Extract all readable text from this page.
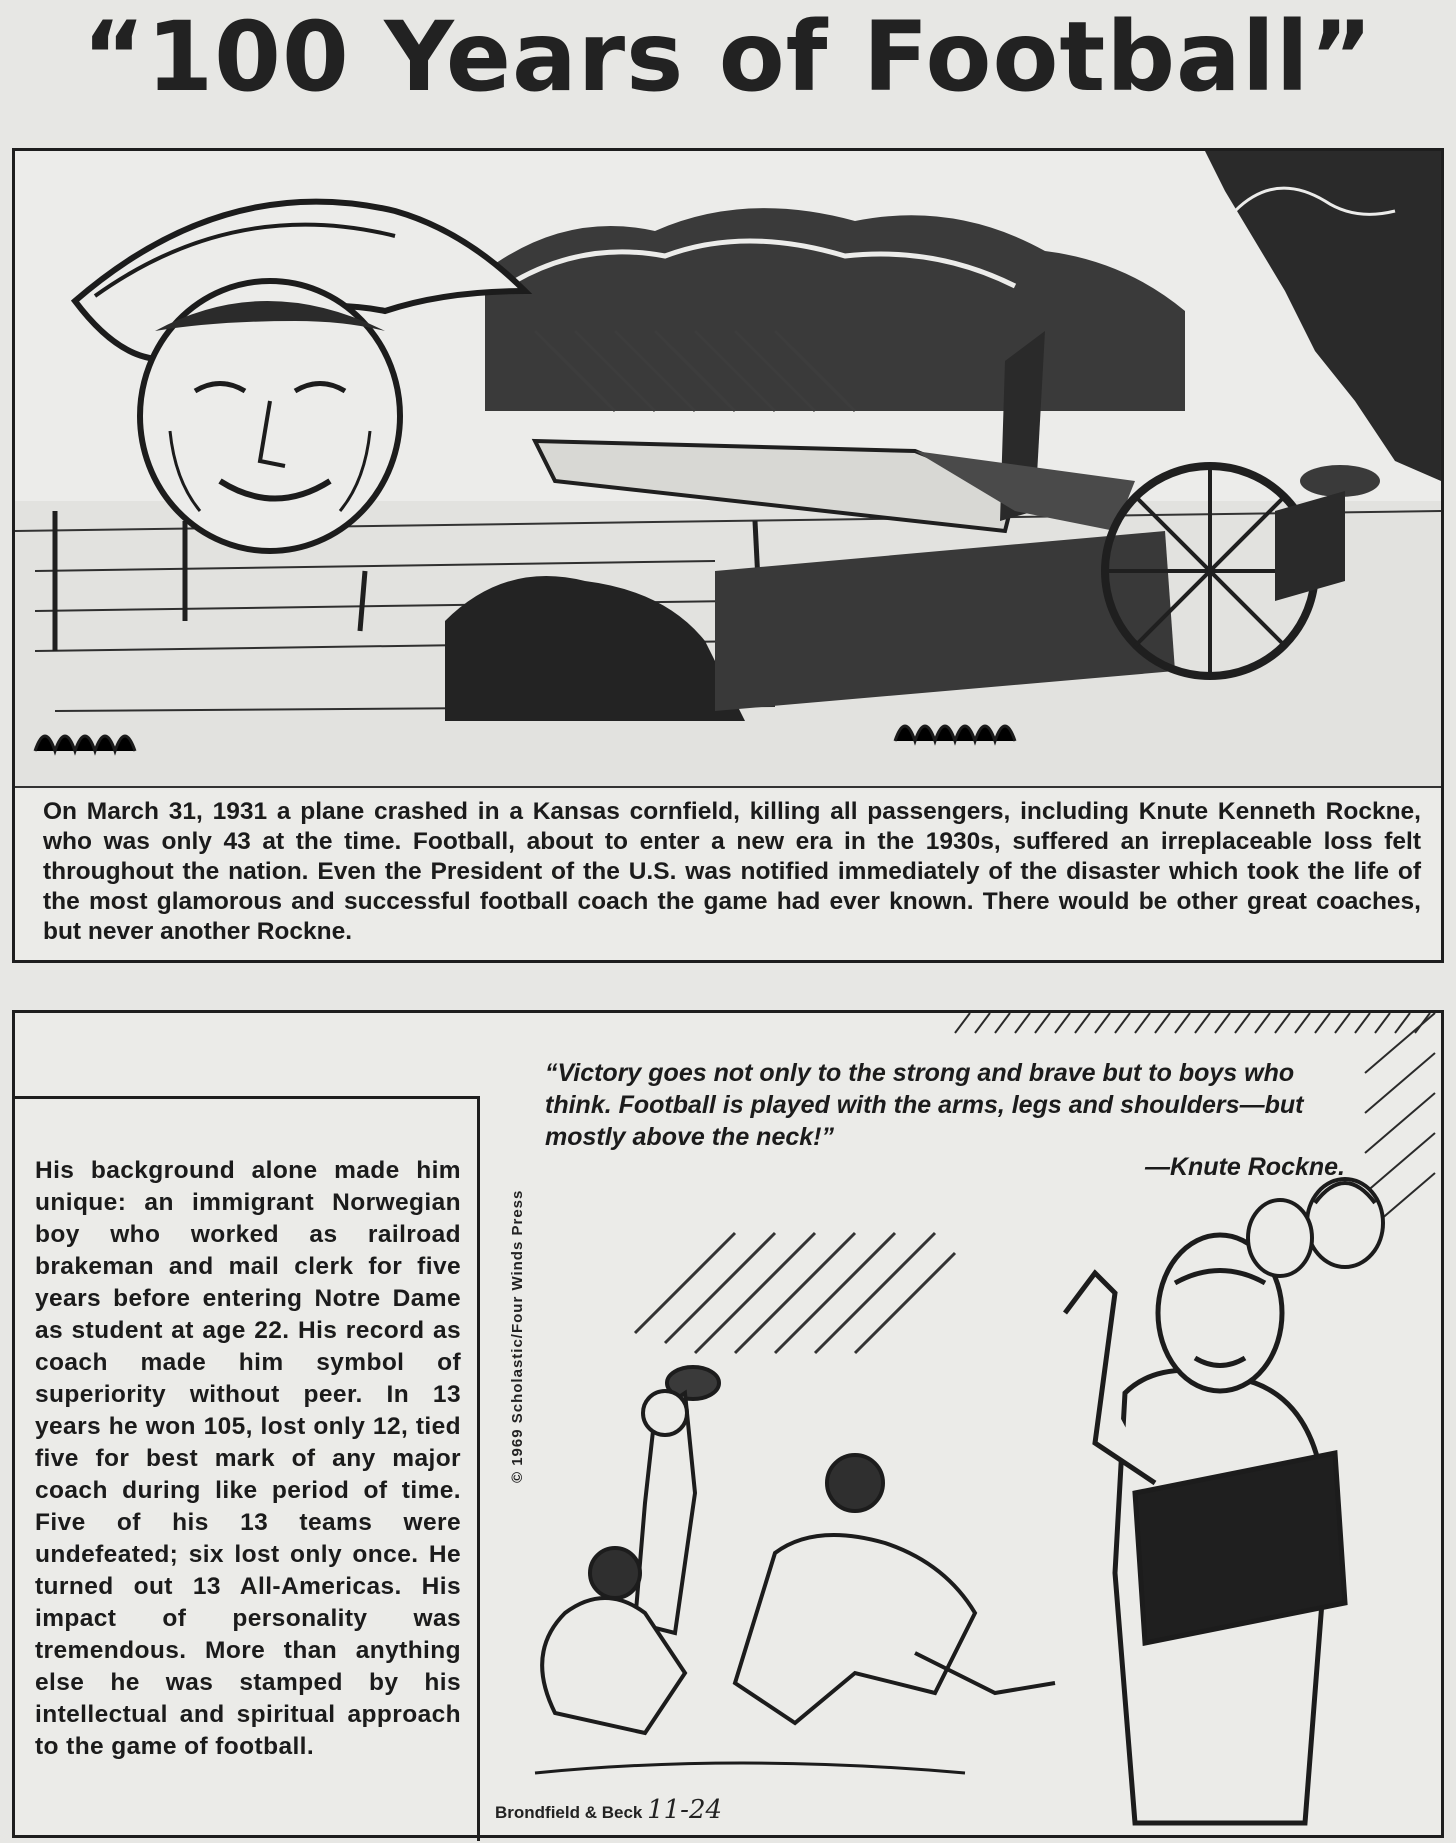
“100 Years of Football”
On March 31, 1931 a plane crashed in a Kansas cornfield, killing all passengers, including Knute Kenneth Rockne, who was only 43 at the time. Football, about to enter a new era in the 1930s, suffered an irreplaceable loss felt throughout the nation. Even the President of the U.S. was notified immediately of the disaster which took the life of the most glamorous and successful football coach the game had ever known. There would be other great coaches, but never another Rockne.
His background alone made him unique: an immigrant Norwegian boy who worked as railroad brakeman and mail clerk for five years before entering Notre Dame as student at age 22. His record as coach made him symbol of superiority without peer. In 13 years he won 105, lost only 12, tied five for best mark of any major coach during like period of time. Five of his 13 teams were undefeated; six lost only once. He turned out 13 All-Americas. His impact of personality was tremendous. More than anything else he was stamped by his intellectual and spiritual approach to the game of football.
“Victory goes not only to the strong and brave but to boys who think. Football is played with the arms, legs and shoulders—but mostly above the neck!”
—Knute Rockne.
© 1969 Scholastic/Four Winds Press
Brondfield & Beck 11-24
